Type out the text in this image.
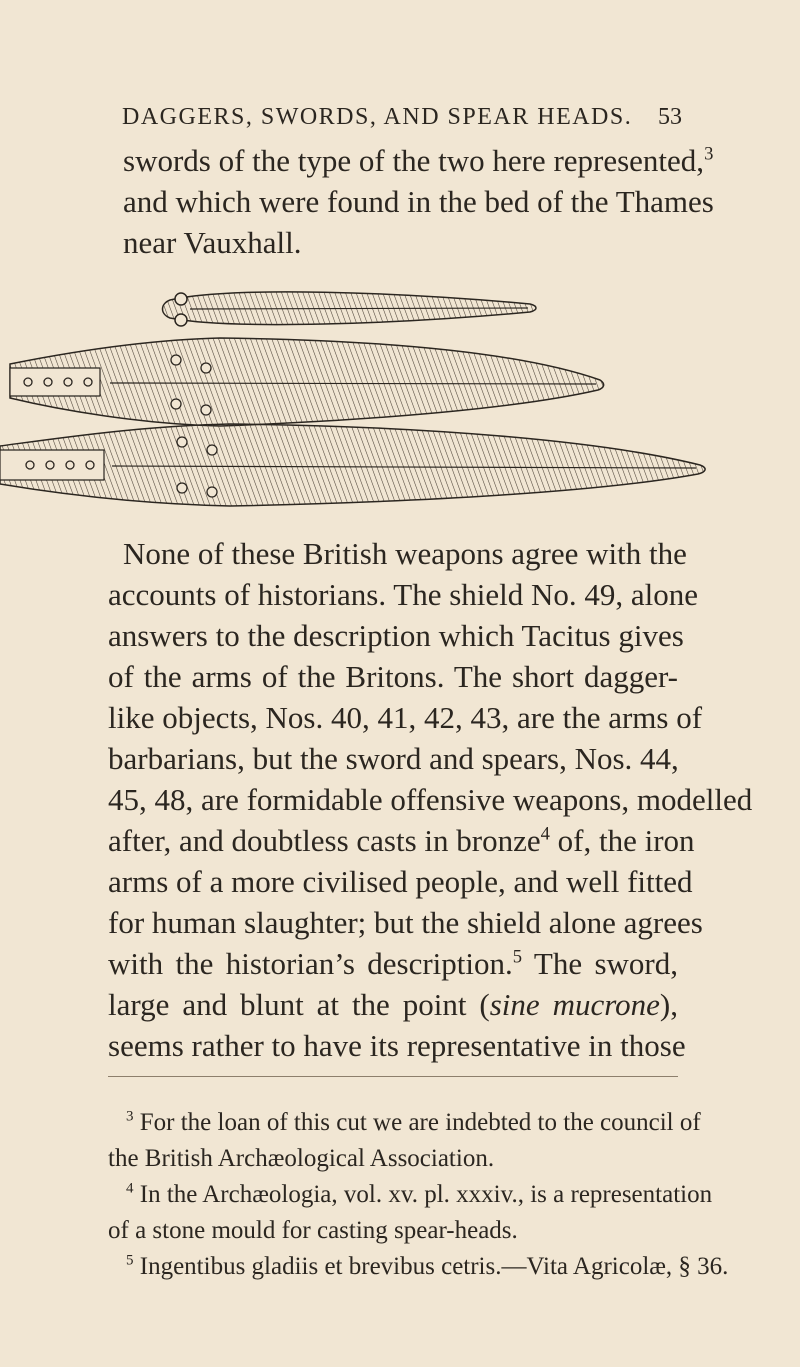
DAGGERS, SWORDS, AND SPEAR HEADS. 53
swords of the type of the two here represented,$^3$
and which were found in the bed of the Thames
near Vauxhall.
None of these British weapons agree with the
accounts of historians. The shield No. 49, alone
answers to the description which Tacitus gives
of the arms of the Britons. The short dagger-
like objects, Nos. 40, 41, 42, 43, are the arms of
barbarians, but the sword and spears, Nos. 44,
45, 48, are formidable offensive weapons, modelled
after, and doubtless casts in bronze$^4$ of, the iron
arms of a more civilised people, and well fitted
for human slaughter; but the shield alone agrees
with the historian’s description.$^5$ The sword,
large and blunt at the point (sine mucrone),
seems rather to have its representative in those
$^3$ For the loan of this cut we are indebted to the council of
the British Archæological Association.
$^4$ In the Archæologia, vol. xv. pl. xxxiv., is a representation
of a stone mould for casting spear-heads.
$^5$ Ingentibus gladiis et brevibus cetris.—Vita Agricolæ, § 36.
